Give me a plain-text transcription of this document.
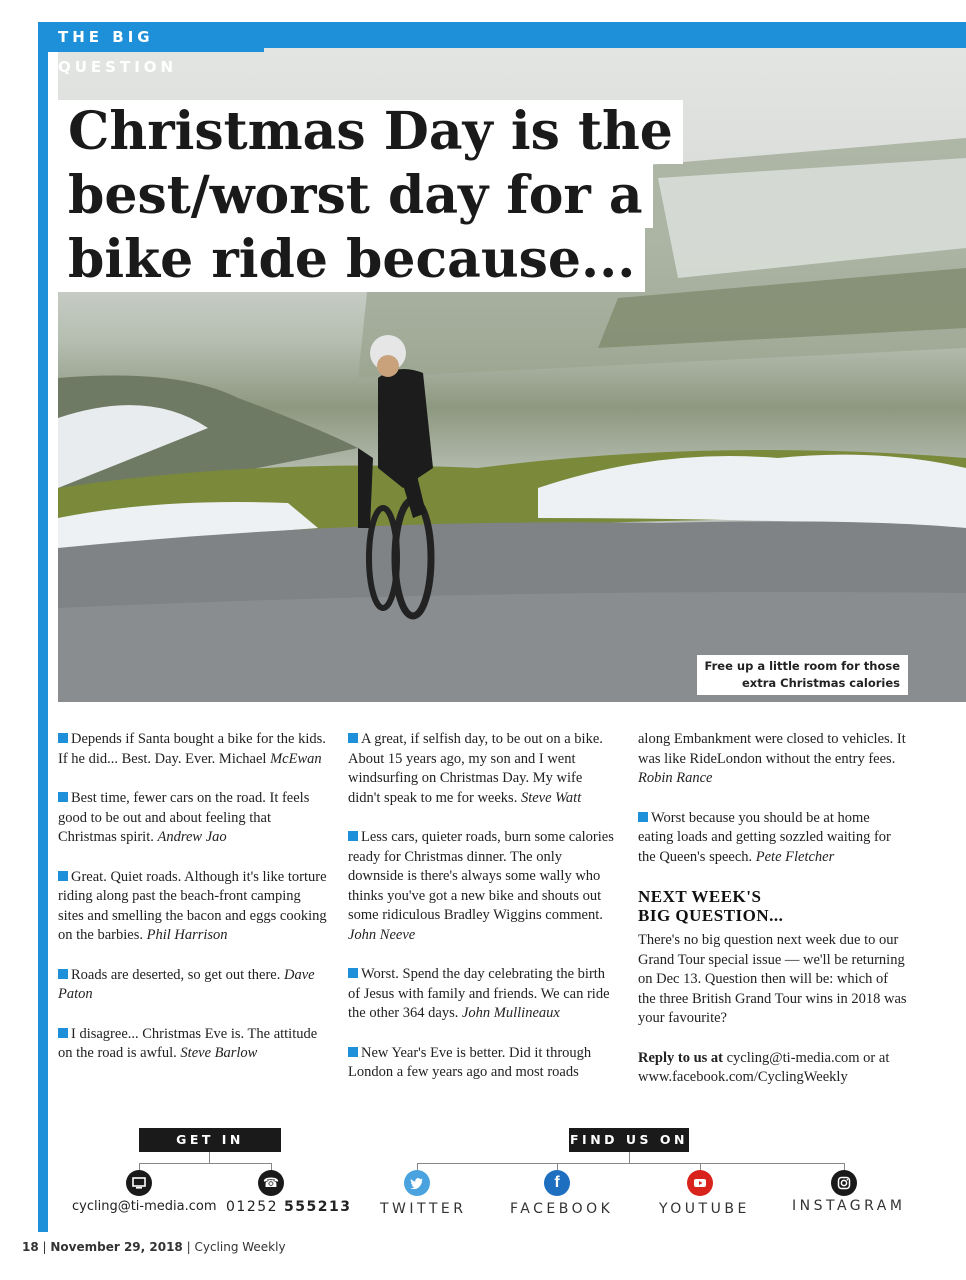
THE BIG QUESTION
Christmas Day is the
best/worst day for a
bike ride because...
Free up a little room for those
extra Christmas calories

Depends if Santa bought a bike for the kids. If he did... Best. Day. Ever. Michael McEwan

Best time, fewer cars on the road. It feels good to be out and about feeling that Christmas spirit. Andrew Jao

Great. Quiet roads. Although it's like torture riding along past the beach-front camping sites and smelling the bacon and eggs cooking on the barbies. Phil Harrison

Roads are deserted, so get out there. Dave Paton

I disagree... Christmas Eve is. The attitude on the road is awful. Steve Barlow

A great, if selfish day, to be out on a bike. About 15 years ago, my son and I went windsurfing on Christmas Day. My wife didn't speak to me for weeks. Steve Watt

Less cars, quieter roads, burn some calories ready for Christmas dinner. The only downside is there's always some wally who thinks you've got a new bike and shouts out some ridiculous Bradley Wiggins comment. John Neeve

Worst. Spend the day celebrating the birth of Jesus with family and friends. We can ride the other 364 days. John Mullineaux

New Year's Eve is better. Did it through London a few years ago and most roads

along Embankment were closed to vehicles. It was like RideLondon without the entry fees. Robin Rance

Worst because you should be at home eating loads and getting sozzled waiting for the Queen's speech. Pete Fletcher

NEXT WEEK'S
BIG QUESTION...

There's no big question next week due to our Grand Tour special issue — we'll be returning on Dec 13. Question then will be: which of the three British Grand Tour wins in 2018 was your favourite?

Reply to us at cycling@ti-media.com or at www.facebook.com/CyclingWeekly

GET IN
☎
cycling@ti-media.com 01252 555213
FIND US ON
f
TWITTER	FACEBOOK	YOUTUBE	INSTAGRAM
18 | November 29, 2018 | Cycling Weekly
